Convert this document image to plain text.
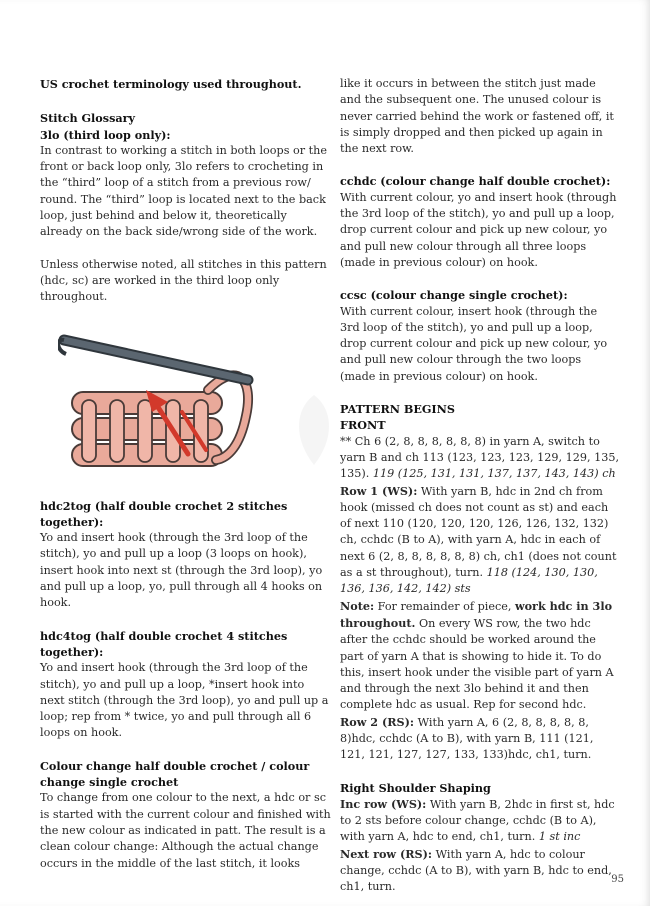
US crochet terminology used throughout.

Stitch Glossary

3lo (third loop only):

In contrast to working a stitch in both loops or the front or back loop only, 3lo refers to crocheting in the “third” loop of a stitch from a previous row/ round. The “third” loop is located next to the back loop, just behind and below it, theoretically already on the back side/wrong side of the work.

Unless otherwise noted, all stitches in this pattern (hdc, sc) are worked in the third loop only throughout.

hdc2tog (half double crochet 2 stitches together):

Yo and insert hook (through the 3rd loop of the stitch), yo and pull up a loop (3 loops on hook), insert hook into next st (through the 3rd loop), yo and pull up a loop, yo, pull through all 4 hooks on hook.

hdc4tog (half double crochet 4 stitches together):

Yo and insert hook (through the 3rd loop of the stitch), yo and pull up a loop, *insert hook into next stitch (through the 3rd loop), yo and pull up a loop; rep from * twice, yo and pull through all 6 loops on hook.

Colour change half double crochet / colour change single crochet

To change from one colour to the next, a hdc or sc is started with the current colour and finished with the new colour as indicated in patt. The result is a clean colour change: Although the actual change occurs in the middle of the last stitch, it looks

like it occurs in between the stitch just made and the subsequent one. The unused colour is never carried behind the work or fastened off, it is simply dropped and then picked up again in the next row.

cchdc (colour change half double crochet):

With current colour, yo and insert hook (through the 3rd loop of the stitch), yo and pull up a loop, drop current colour and pick up new colour, yo and pull new colour through all three loops (made in previous colour) on hook.

ccsc (colour change single crochet):

With current colour, insert hook (through the 3rd loop of the stitch), yo and pull up a loop, drop current colour and pick up new colour, yo and pull new colour through the two loops (made in previous colour) on hook.

PATTERN BEGINS

FRONT

** Ch 6 (2, 8, 8, 8, 8, 8, 8) in yarn A, switch to yarn B and ch 113 (123, 123, 123, 129, 129, 135, 135). 119 (125, 131, 131, 137, 137, 143, 143) ch

Row 1 (WS): With yarn B, hdc in 2nd ch from hook (missed ch does not count as st) and each of next 110 (120, 120, 120, 126, 126, 132, 132) ch, cchdc (B to A), with yarn A, hdc in each of next 6 (2, 8, 8, 8, 8, 8, 8) ch, ch1 (does not count as a st throughout), turn. 118 (124, 130, 130, 136, 136, 142, 142) sts

Note: For remainder of piece, work hdc in 3lo throughout. On every WS row, the two hdc after the cchdc should be worked around the part of yarn A that is showing to hide it. To do this, insert hook under the visible part of yarn A and through the next 3lo behind it and then complete hdc as usual. Rep for second hdc.

Row 2 (RS): With yarn A, 6 (2, 8, 8, 8, 8, 8, 8)hdc, cchdc (A to B), with yarn B, 111 (121, 121, 121, 127, 127, 133, 133)hdc, ch1, turn.

Right Shoulder Shaping

Inc row (WS): With yarn B, 2hdc in first st, hdc to 2 sts before colour change, cchdc (B to A), with yarn A, hdc to end, ch1, turn. 1 st inc

Next row (RS): With yarn A, hdc to colour change, cchdc (A to B), with yarn B, hdc to end, ch1, turn.

95
